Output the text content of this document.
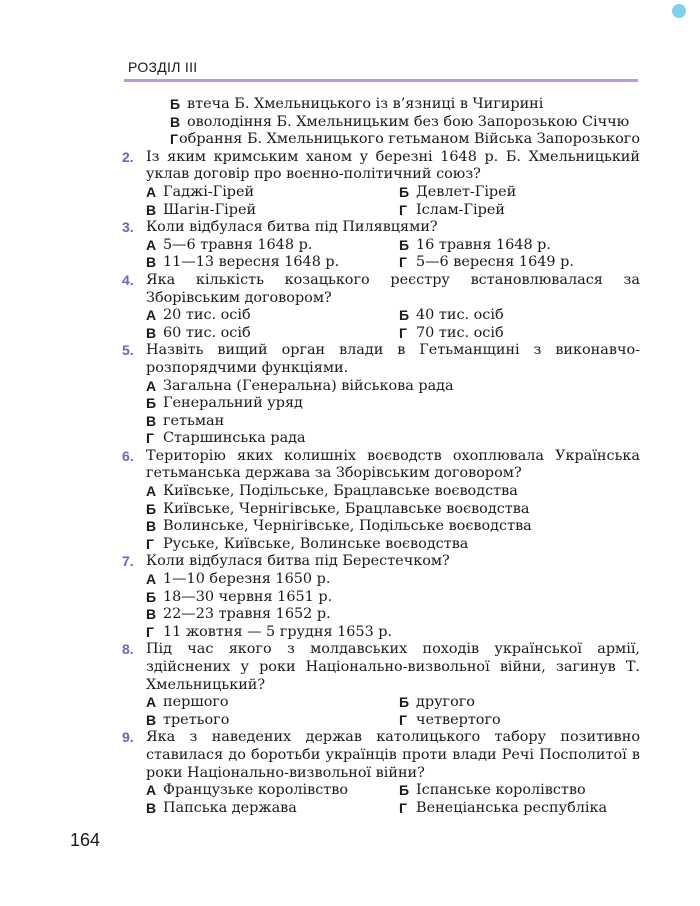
РОЗДІЛ ІІІ
Б втеча Б. Хмельницького із в’язниці в Чигирині
В оволодіння Б. Хмельницьким без бою Запорозькою Січчю
Г обрання Б. Хмельницького гетьманом Війська Запорозького
2. Із яким кримським ханом у березні 1648 р. Б. Хмельницький уклав договір про воєнно-політичний союз?
А Гаджі-Гірей	Б Девлет-Гірей
В Шагін-Гірей	Г Іслам-Гірей
3. Коли відбулася битва під Пилявцями?
А 5—6 травня 1648 р.	Б 16 травня 1648 р.
В 11—13 вересня 1648 р.	Г 5—6 вересня 1649 р.
4. Яка кількість козацького реєстру встановлювалася за Зборівським договором?
А 20 тис. осіб	Б 40 тис. осіб
В 60 тис. осіб	Г 70 тис. осіб
5. Назвіть вищий орган влади в Гетьманщині з виконавчо-розпорядчими функціями.
А Загальна (Генеральна) військова рада
Б Генеральний уряд
В гетьман
Г Старшинська рада
6. Територію яких колишніх воєводств охоплювала Українська гетьманська держава за Зборівським договором?
А Київське, Подільське, Брацлавське воєводства
Б Київське, Чернігівське, Брацлавське воєводства
В Волинське, Чернігівське, Подільське воєводства
Г Руське, Київське, Волинське воєводства
7. Коли відбулася битва під Берестечком?
А 1—10 березня 1650 р.
Б 18—30 червня 1651 р.
В 22—23 травня 1652 р.
Г 11 жовтня — 5 грудня 1653 р.
8. Під час якого з молдавських походів української армії, здійснених у роки Національно-визвольної війни, загинув Т. Хмельницький?
А першого	Б другого
В третього	Г четвертого
9. Яка з наведених держав католицького табору позитивно ставилася до боротьби українців проти влади Речі Посполитої в роки Національно-визвольної війни?
А Французьке королівство	Б Іспанське королівство
В Папська держава	Г Венеціанська республіка
164
